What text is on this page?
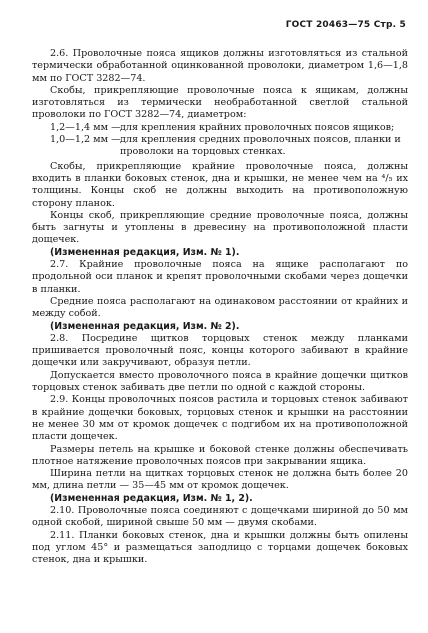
ГОСТ 20463—75 Стр. 5

2.6. Проволочные пояса ящиков должны изготовляться из стальной термически обработанной оцинкованной проволоки, диаметром 1,6—1,8 мм по ГОСТ 3282—74.

Скобы, прикрепляющие проволочные пояса к ящикам, должны изготовляться из термически необработанной светлой стальной проволоки по ГОСТ 3282—74, диаметром:

1,2—1,4 мм — для крепления крайних проволочных поясов ящиков;
1,0—1,2 мм — для крепления средних проволочных поясов, планки и проволоки на торцовых стенках.

Скобы, прикрепляющие крайние проволочные пояса, должны входить в планки боковых стенок, дна и крышки, не менее чем на ⁴/₅ их толщины. Концы скоб не должны выходить на противоположную сторону планок.

Концы скоб, прикрепляющие средние проволочные пояса, должны быть загнуты и утоплены в древесину на противоположной пласти дощечек.

(Измененная редакция, Изм. № 1).

2.7. Крайние проволочные пояса на ящике располагают по продольной оси планок и крепят проволочными скобами через дощечки в планки.

Средние пояса располагают на одинаковом расстоянии от крайних и между собой.

(Измененная редакция, Изм. № 2).

2.8. Посредине щитков торцовых стенок между планками пришивается проволочный пояс, концы которого забивают в крайние дощечки или закручивают, образуя петли.

Допускается вместо проволочного пояса в крайние дощечки щитков торцовых стенок забивать две петли по одной с каждой стороны.

2.9. Концы проволочных поясов растила и торцовых стенок забивают в крайние дощечки боковых, торцовых стенок и крышки на расстоянии не менее 30 мм от кромок дощечек с подгибом их на противоположной пласти дощечек.

Размеры петель на крышке и боковой стенке должны обеспечивать плотное натяжение проволочных поясов при закрывании ящика.

Ширина петли на щитках торцовых стенок не должна быть более 20 мм, длина петли — 35—45 мм от кромок дощечек.

(Измененная редакция, Изм. № 1, 2).

2.10. Проволочные пояса соединяют с дощечками шириной до 50 мм одной скобой, шириной свыше 50 мм — двумя скобами.

2.11. Планки боковых стенок, дна и крышки должны быть опилены под углом 45° и размещаться заподлицо с торцами дощечек боковых стенок, дна и крышки.
